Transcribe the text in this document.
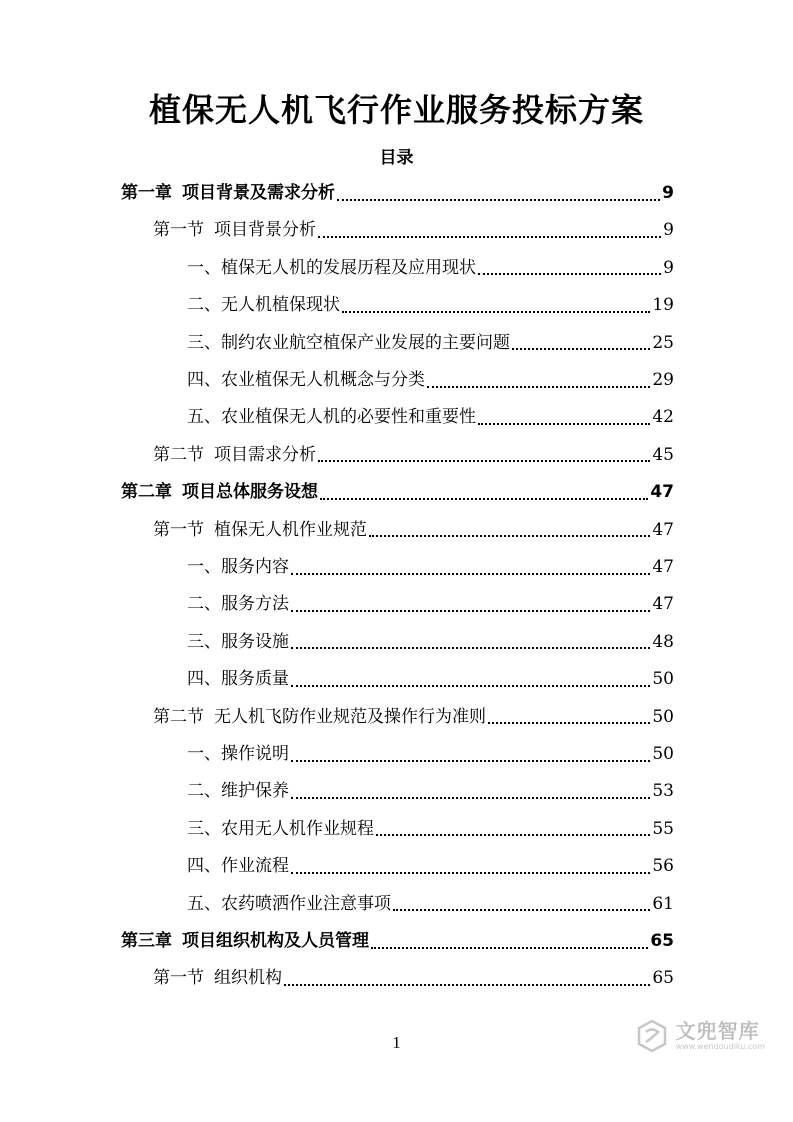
植保无人机飞行作业服务投标方案
目录
第一章 项目背景及需求分析	9
第一节 项目背景分析	9
一、植保无人机的发展历程及应用现状	9
二、无人机植保现状	19
三、制约农业航空植保产业发展的主要问题	25
四、农业植保无人机概念与分类	29
五、农业植保无人机的必要性和重要性	42
第二节 项目需求分析	45
第二章 项目总体服务设想	47
第一节 植保无人机作业规范	47
一、服务内容	47
二、服务方法	47
三、服务设施	48
四、服务质量	50
第二节 无人机飞防作业规范及操作行为准则	50
一、操作说明	50
二、维护保养	53
三、农用无人机作业规程	55
四、作业流程	56
五、农药喷洒作业注意事项	61
第三章 项目组织机构及人员管理	65
第一节 组织机构	65
1	文兜智库
www.wendoudiku.com
